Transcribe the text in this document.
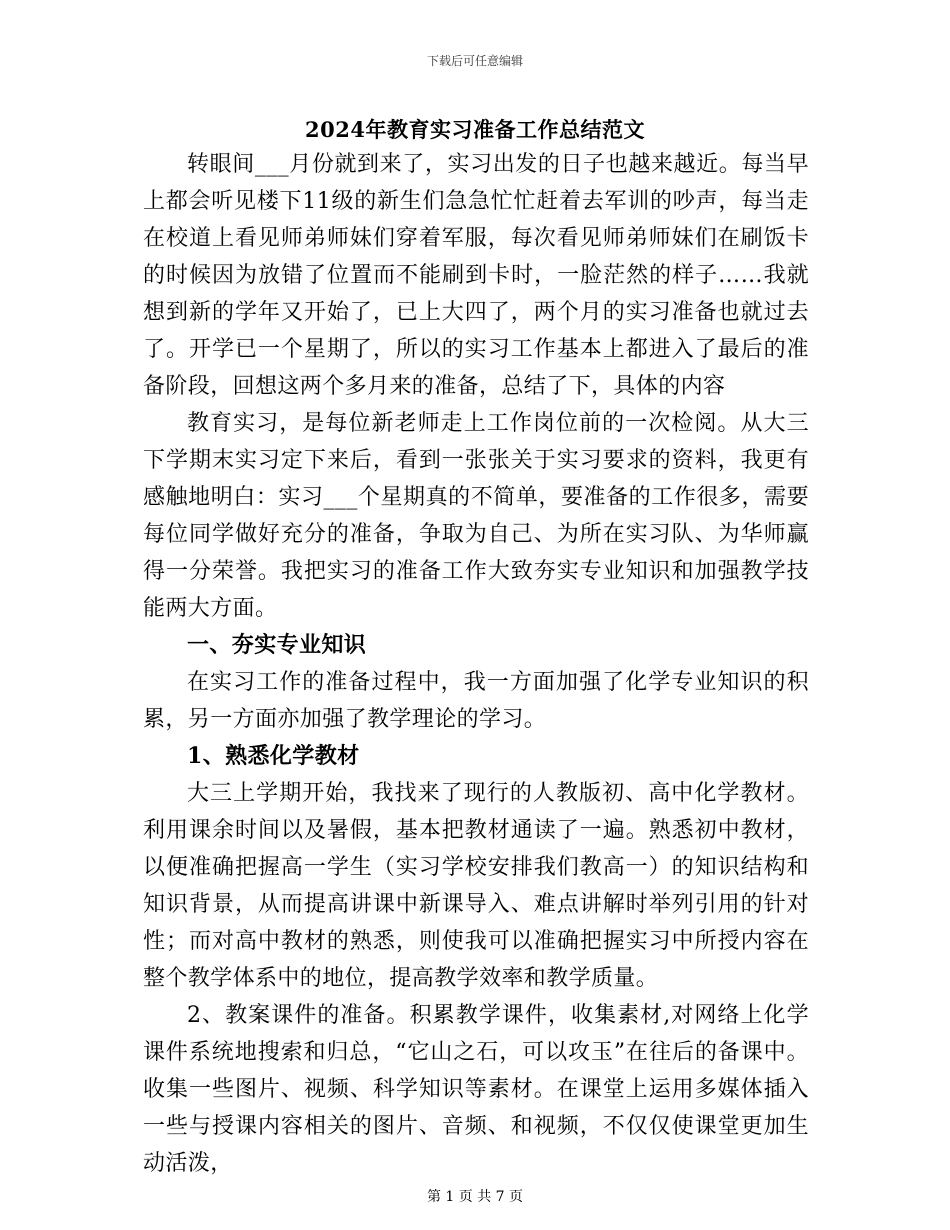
下载后可任意编辑
2024年教育实习准备工作总结范文

转眼间___月份就到来了，实习出发的日子也越来越近。每当早上都会听见楼下11级的新生们急急忙忙赶着去军训的吵声，每当走在校道上看见师弟师妹们穿着军服，每次看见师弟师妹们在刷饭卡的时候因为放错了位置而不能刷到卡时，一脸茫然的样子……我就想到新的学年又开始了，已上大四了，两个月的实习准备也就过去了。开学已一个星期了，所以的实习工作基本上都进入了最后的准备阶段，回想这两个多月来的准备，总结了下，具体的内容

教育实习，是每位新老师走上工作岗位前的一次检阅。从大三下学期末实习定下来后，看到一张张关于实习要求的资料，我更有感触地明白：实习___个星期真的不简单，要准备的工作很多，需要每位同学做好充分的准备，争取为自己、为所在实习队、为华师赢得一分荣誉。我把实习的准备工作大致夯实专业知识和加强教学技能两大方面。

一、夯实专业知识

在实习工作的准备过程中，我一方面加强了化学专业知识的积累，另一方面亦加强了教学理论的学习。

1、熟悉化学教材

大三上学期开始，我找来了现行的人教版初、高中化学教材。利用课余时间以及暑假，基本把教材通读了一遍。熟悉初中教材，以便准确把握高一学生（实习学校安排我们教高一）的知识结构和知识背景，从而提高讲课中新课导入、难点讲解时举列引用的针对性；而对高中教材的熟悉，则使我可以准确把握实习中所授内容在整个教学体系中的地位，提高教学效率和教学质量。

2、教案课件的准备。积累教学课件，收集素材,对网络上化学课件系统地搜索和归总，“它山之石，可以攻玉”在往后的备课中。收集一些图片、视频、科学知识等素材。在课堂上运用多媒体插入一些与授课内容相关的图片、音频、和视频，不仅仅使课堂更加生动活泼，

第 1 页 共 7 页
